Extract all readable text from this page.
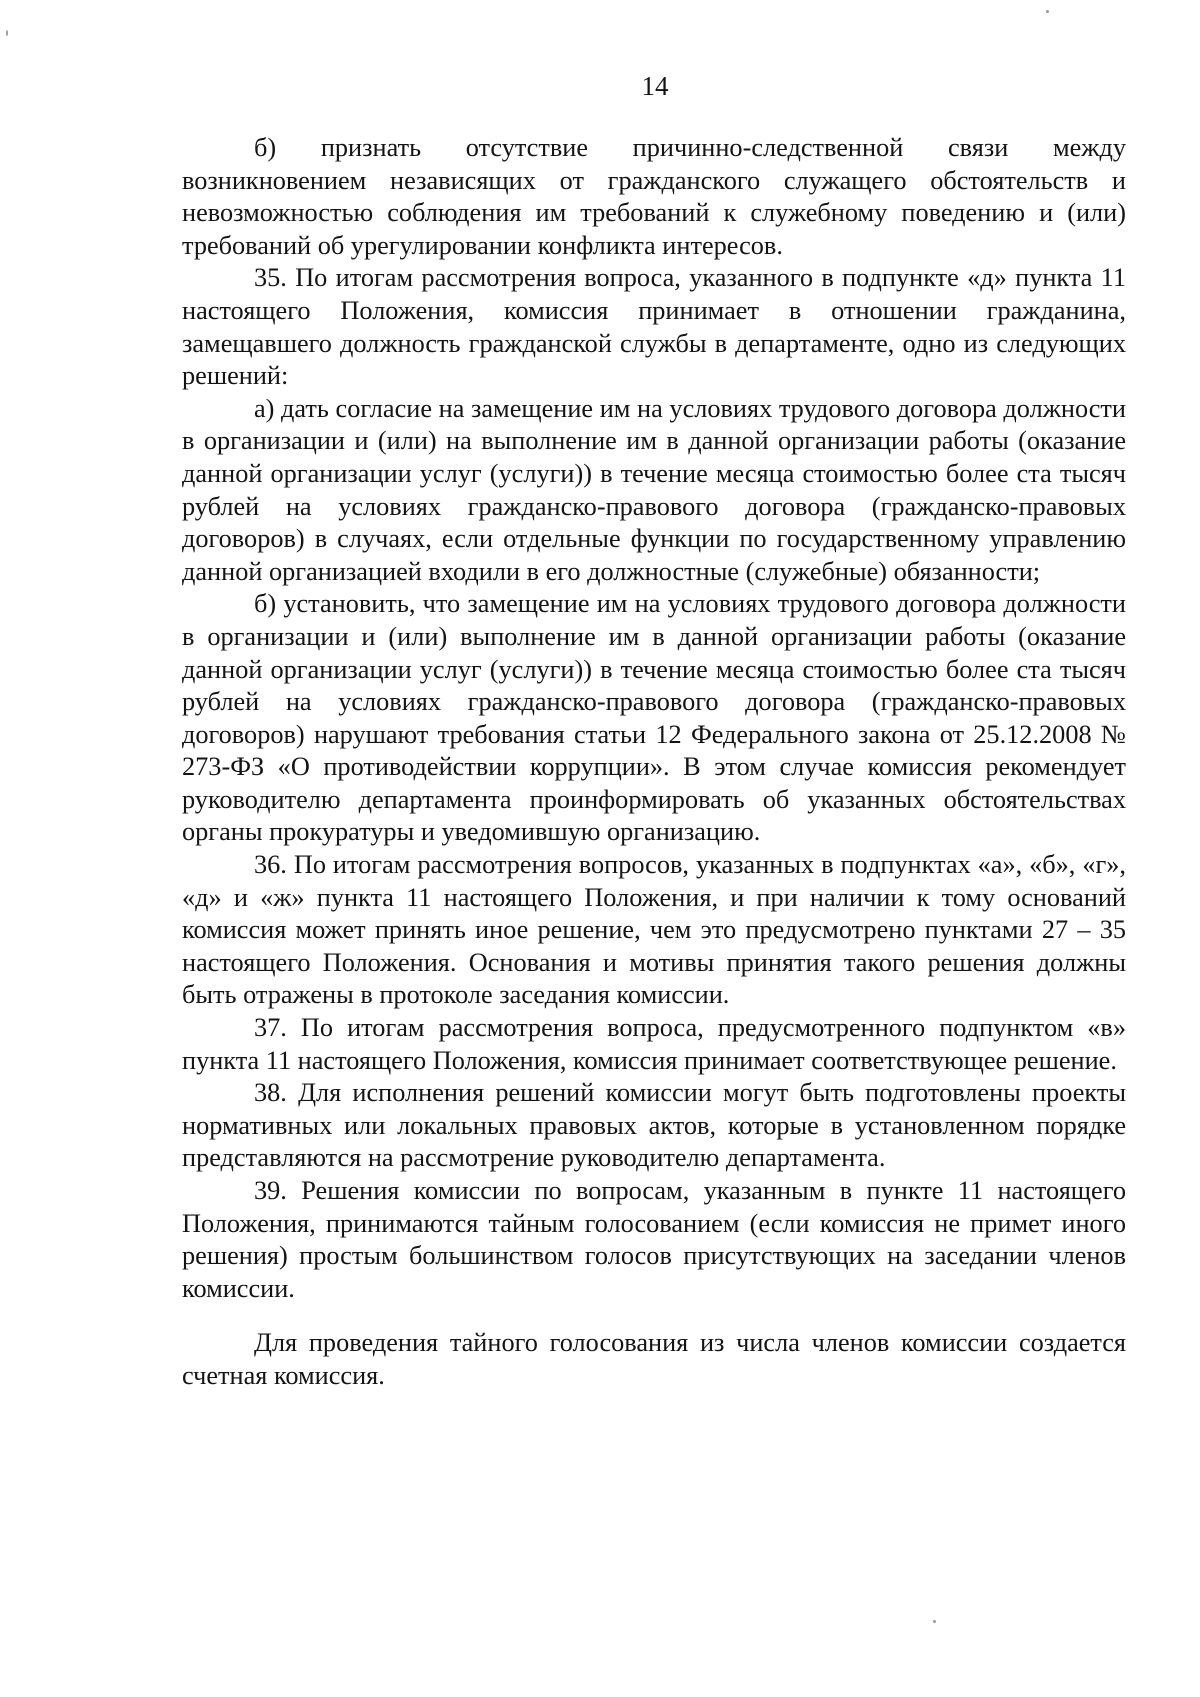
14

б) признать отсутствие причинно-следственной связи между возникновением независящих от гражданского служащего обстоятельств и невозможностью соблюдения им требований к служебному поведению и (или) требований об урегулировании конфликта интересов.

35. По итогам рассмотрения вопроса, указанного в подпункте «д» пункта 11 настоящего Положения, комиссия принимает в отношении гражданина, замещавшего должность гражданской службы в департаменте, одно из следующих решений:

а) дать согласие на замещение им на условиях трудового договора должности в организации и (или) на выполнение им в данной организации работы (оказание данной организации услуг (услуги)) в течение месяца стоимостью более ста тысяч рублей на условиях гражданско-правового договора (гражданско-правовых договоров) в случаях, если отдельные функции по государственному управлению данной организацией входили в его должностные (служебные) обязанности;

б) установить, что замещение им на условиях трудового договора должности в организации и (или) выполнение им в данной организации работы (оказание данной организации услуг (услуги)) в течение месяца стоимостью более ста тысяч рублей на условиях гражданско-правового договора (гражданско-правовых договоров) нарушают требования статьи 12 Федерального закона от 25.12.2008 № 273-ФЗ «О противодействии коррупции». В этом случае комиссия рекомендует руководителю департамента проинформировать об указанных обстоятельствах органы прокуратуры и уведомившую организацию.

36. По итогам рассмотрения вопросов, указанных в подпунктах «а», «б», «г», «д» и «ж» пункта 11 настоящего Положения, и при наличии к тому оснований комиссия может принять иное решение, чем это предусмотрено пунктами 27 – 35 настоящего Положения. Основания и мотивы принятия такого решения должны быть отражены в протоколе заседания комиссии.

37. По итогам рассмотрения вопроса, предусмотренного подпунктом «в» пункта 11 настоящего Положения, комиссия принимает соответствующее решение.

38. Для исполнения решений комиссии могут быть подготовлены проекты нормативных или локальных правовых актов, которые в установленном порядке представляются на рассмотрение руководителю департамента.

39. Решения комиссии по вопросам, указанным в пункте 11 настоящего Положения, принимаются тайным голосованием (если комиссия не примет иного решения) простым большинством голосов присутствующих на заседании членов комиссии.

Для проведения тайного голосования из числа членов комиссии создается счетная комиссия.
